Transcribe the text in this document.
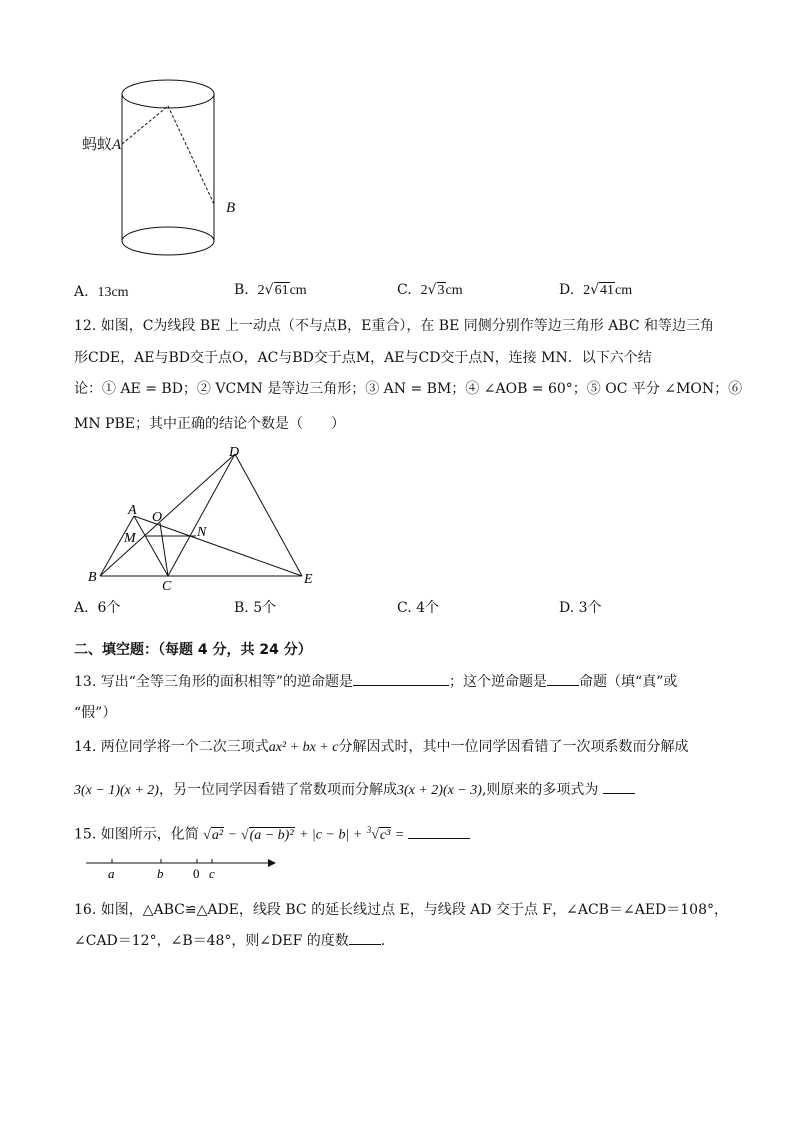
蚂蚁A
B
A. 13cm	B. 2√61cm	C. 2√3cm	D. 2√41cm
12. 如图，C为线段 BE 上一动点（不与点B，E重合），在 BE 同侧分别作等边三角形 ABC 和等边三角
形CDE，AE与BD交于点O，AC与BD交于点M，AE与CD交于点N，连接 MN．以下六个结
论：① AE = BD；② VCMN 是等边三角形；③ AN = BM；④ ∠AOB = 60°；⑤ OC 平分 ∠MON；⑥
MN PBE；其中正确的结论个数是（　　）
A O
M	N
D
B
C	E
A. 6个	B. 5个	C. 4个	D. 3个
二、填空题：（每题 4 分，共 24 分）
13. 写出“全等三角形的面积相等”的逆命题是	；这个逆命题是 命题（填“真”或
“假”）
14. 两位同学将一个二次三项式ax² + bx + c分解因式时，其中一位同学因看错了一次项系数而分解成
3(x − 1)(x + 2)，另一位同学因看错了常数项而分解成3(x + 2)(x − 3),则原来的多项式为
15. 如图所示，化简 √a² − √(a − b)² + |c − b| + $^3$√c³ =
a	b 0 c
16. 如图，△ABC≌△ADE，线段 BC 的延长线过点 E，与线段 AD 交于点 F，∠ACB＝∠AED＝108°，
∠CAD＝12°，∠B＝48°，则∠DEF 的度数 .
